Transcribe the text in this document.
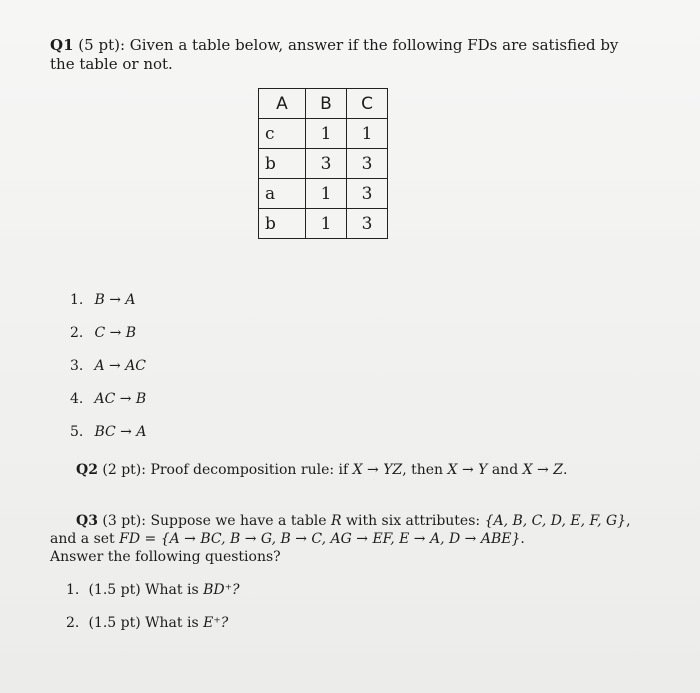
Q1 (5 pt): Given a table below, answer if the following FDs are satisfied by
the table or not.
A	B	C
c	1	1
b	3	3
a	1	3
b	1	3
1. B → A
2. C → B
3. A → AC
4. AC → B
5. BC → A
Q2 (2 pt): Proof decomposition rule: if X → YZ, then X → Y and X → Z.
Q3 (3 pt): Suppose we have a table R with six attributes: {A, B, C, D, E, F, G},
and a set FD = {A → BC, B → G, B → C, AG → EF, E → A, D → ABE}.
Answer the following questions?
1. (1.5 pt) What is BD⁺?
2. (1.5 pt) What is E⁺?
